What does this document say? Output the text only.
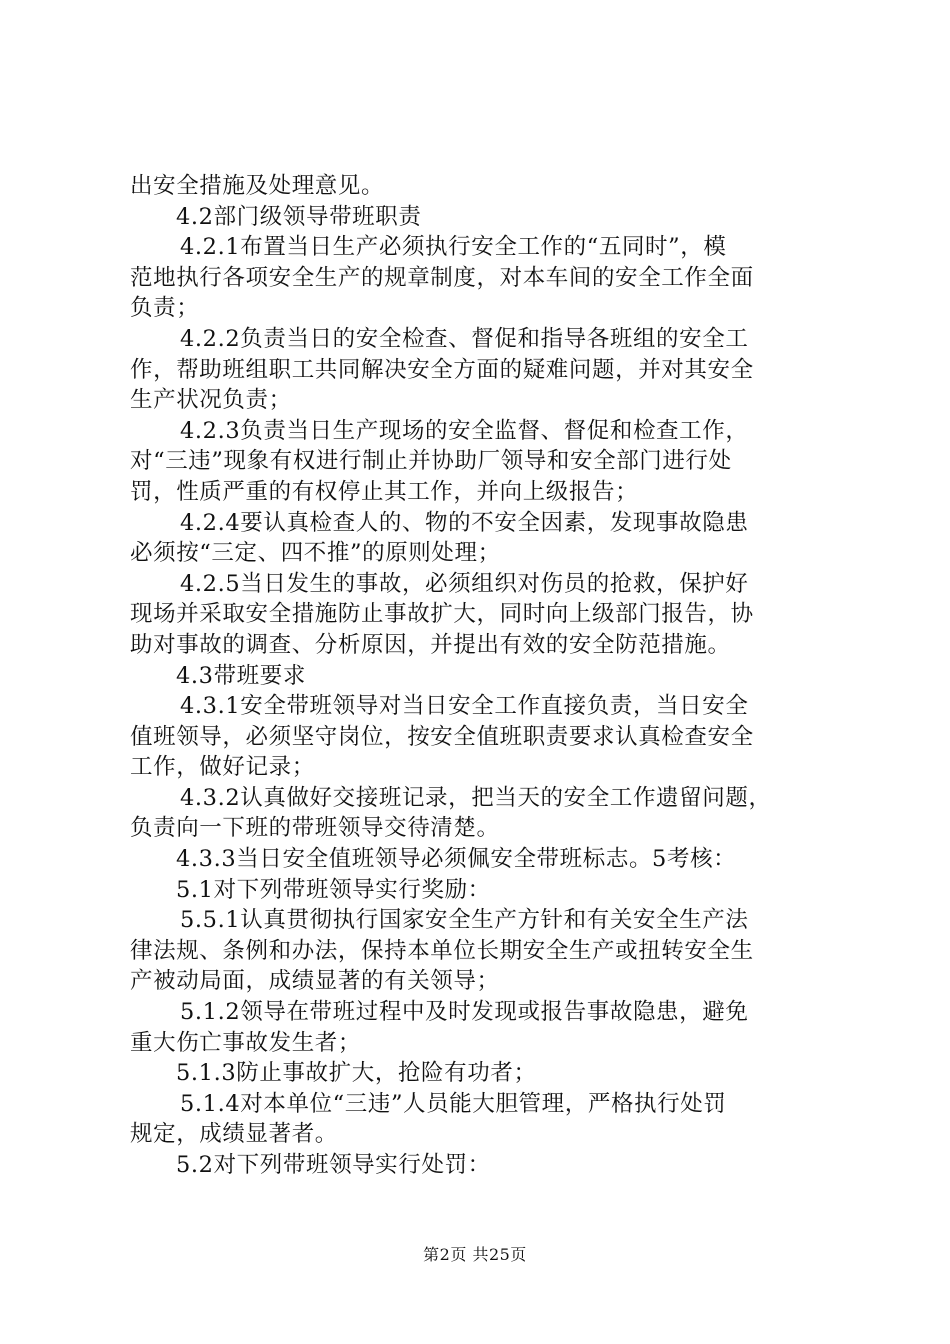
出安全措施及处理意见。
4.2部门级领导带班职责
4.2.1布置当日生产必须执行安全工作的“五同时”，模
范地执行各项安全生产的规章制度，对本车间的安全工作全面
负责；
4.2.2负责当日的安全检查、督促和指导各班组的安全工
作，帮助班组职工共同解决安全方面的疑难问题，并对其安全
生产状况负责；
4.2.3负责当日生产现场的安全监督、督促和检查工作，
对“三违”现象有权进行制止并协助厂领导和安全部门进行处
罚，性质严重的有权停止其工作，并向上级报告；
4.2.4要认真检查人的、物的不安全因素，发现事故隐患
必须按“三定、四不推”的原则处理；
4.2.5当日发生的事故，必须组织对伤员的抢救，保护好
现场并采取安全措施防止事故扩大，同时向上级部门报告，协
助对事故的调查、分析原因，并提出有效的安全防范措施。
4.3带班要求
4.3.1安全带班领导对当日安全工作直接负责，当日安全
值班领导，必须坚守岗位，按安全值班职责要求认真检查安全
工作，做好记录；
4.3.2认真做好交接班记录，把当天的安全工作遗留问题，
负责向一下班的带班领导交待清楚。
4.3.3当日安全值班领导必须佩安全带班标志。5考核：
5.1对下列带班领导实行奖励：
5.5.1认真贯彻执行国家安全生产方针和有关安全生产法
律法规、条例和办法，保持本单位长期安全生产或扭转安全生
产被动局面，成绩显著的有关领导；
5.1.2领导在带班过程中及时发现或报告事故隐患，避免
重大伤亡事故发生者；
5.1.3防止事故扩大，抢险有功者；
5.1.4对本单位“三违”人员能大胆管理，严格执行处罚
规定，成绩显著者。
5.2对下列带班领导实行处罚：
第2页 共25页
